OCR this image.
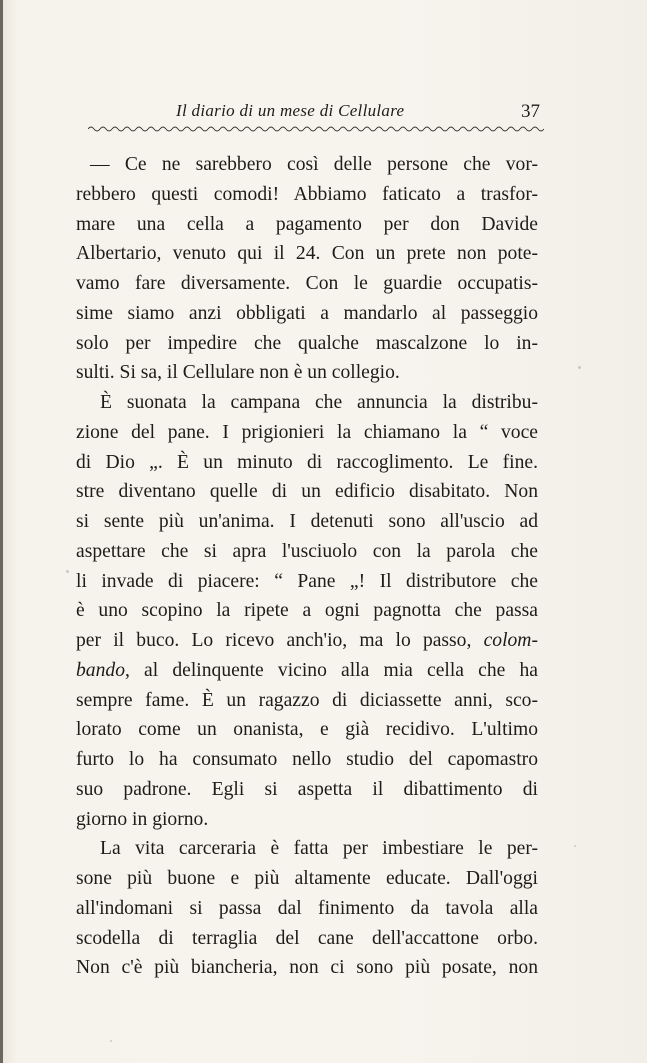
Il diario di un mese di Cellulare	37
— Ce ne sarebbero così delle persone che vor-
rebbero questi comodi! Abbiamo faticato a trasfor-
mare una cella a pagamento per don Davide
Albertario, venuto qui il 24. Con un prete non pote-
vamo fare diversamente. Con le guardie occupatis-
sime siamo anzi obbligati a mandarlo al passeggio
solo per impedire che qualche mascalzone lo in-
sulti. Si sa, il Cellulare non è un collegio.
È suonata la campana che annuncia la distribu-
zione del pane. I prigionieri la chiamano la “ voce
di Dio „. È un minuto di raccoglimento. Le fine.
stre diventano quelle di un edificio disabitato. Non
si sente più un'anima. I detenuti sono all'uscio ad
aspettare che si apra l'usciuolo con la parola che
li invade di piacere: “ Pane „! Il distributore che
è uno scopino la ripete a ogni pagnotta che passa
per il buco. Lo ricevo anch'io, ma lo passo, colom-
bando, al delinquente vicino alla mia cella che ha
sempre fame. È un ragazzo di diciassette anni, sco-
lorato come un onanista, e già recidivo. L'ultimo
furto lo ha consumato nello studio del capomastro
suo padrone. Egli si aspetta il dibattimento di
giorno in giorno.
La vita carceraria è fatta per imbestiare le per-
sone più buone e più altamente educate. Dall'oggi
all'indomani si passa dal finimento da tavola alla
scodella di terraglia del cane dell'accattone orbo.
Non c'è più biancheria, non ci sono più posate, non
